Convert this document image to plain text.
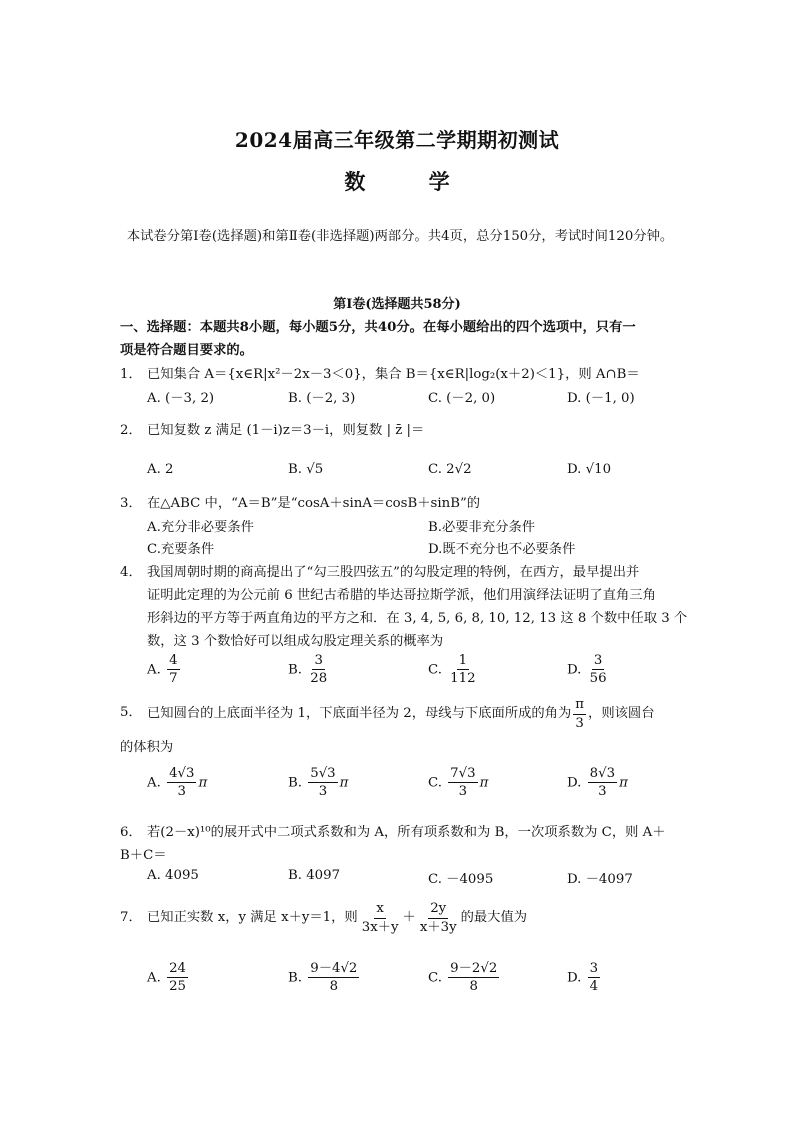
2024届高三年级第二学期期初测试
数 学
本试卷分第Ⅰ卷(选择题)和第Ⅱ卷(非选择题)两部分。共4页，总分150分，考试时间120分钟。
第Ⅰ卷(选择题共58分)
一、选择题：本题共8小题，每小题5分，共40分。在每小题给出的四个选项中，只有一
项是符合题目要求的。
1． 已知集合 A＝{x∈R|x²－2x－3＜0}，集合 B＝{x∈R|log₂(x＋2)＜1}，则 A∩B＝
A. (－3, 2)	B. (－2, 3)	C. (－2, 0)	D. (－1, 0)
2． 已知复数 z 满足 (1－i)z＝3－i，则复数 | z̄ |＝
A. 2	B. √5	C. 2√2	D. √10
3． 在△ABC 中，“A＝B”是“cosA＋sinA＝cosB＋sinB”的
A.充分非必要条件	B.必要非充分条件
C.充要条件	D.既不充分也不必要条件
4． 我国周朝时期的商高提出了“勾三股四弦五”的勾股定理的特例，在西方，最早提出并
证明此定理的为公元前 6 世纪古希腊的毕达哥拉斯学派，他们用演绎法证明了直角三角
形斜边的平方等于两直角边的平方之和．在 3, 4, 5, 6, 8, 10, 12, 13 这 8 个数中任取 3 个
数，这 3 个数恰好可以组成勾股定理关系的概率为
A. $\frac{4}{7}$	B. $\frac{3}{28}$	C. $\frac{1}{112}$	D. $\frac{3}{56}$
5． 已知圆台的上底面半径为 1，下底面半径为 2，母线与下底面所成的角为 $\frac{\pi}{3}$ ，则该圆台
的体积为
A. $\frac{4√3}{3}$ π	B. $\frac{5√3}{3}$ π	C. $\frac{7√3}{3}$ π	D. $\frac{8√3}{3}$ π
6． 若(2－x)¹⁰的展开式中二项式系数和为 A，所有项系数和为 B，一次项系数为 C，则 A＋
B＋C＝
A. 4095	B. 4097	C. －4095	D. －4097
7． 已知正实数 x，y 满足 x＋y＝1，则 $\frac{x}{3x+y} + \frac{2y}{x+3y}$ 的最大值为
A. $\frac{24}{25}$	B. $\frac{9-4√2}{8}$	C. $\frac{9-2√2}{8}$	D. $\frac{3}{4}$
